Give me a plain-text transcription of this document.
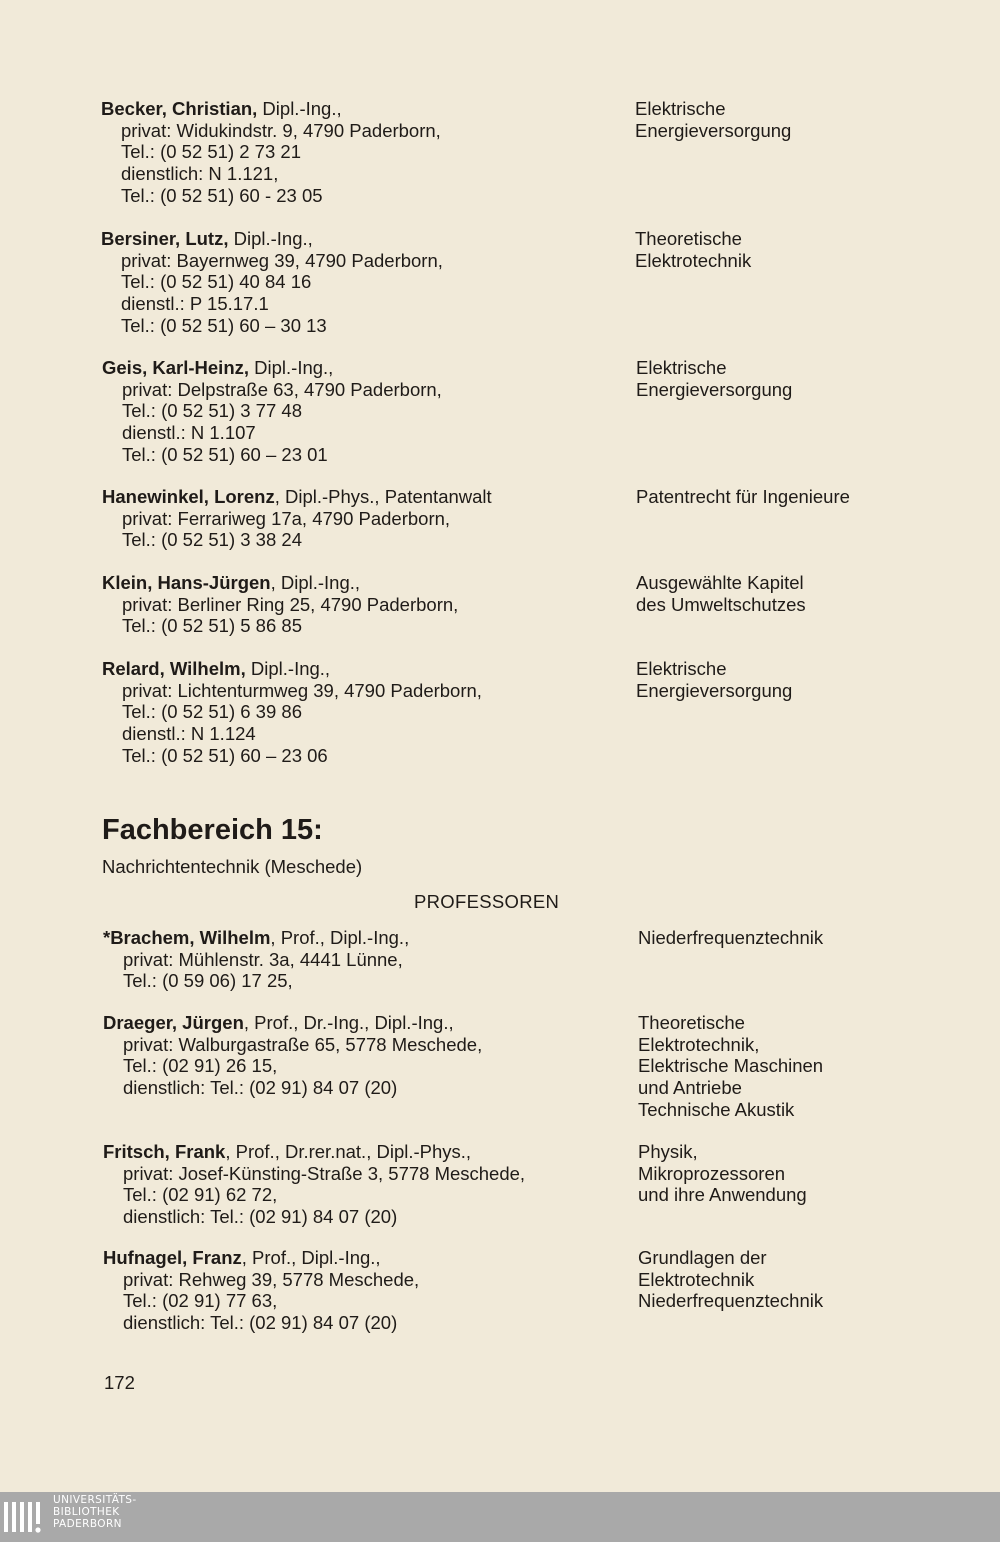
Becker, Christian, Dipl.-Ing.,
privat: Widukindstr. 9, 4790 Paderborn,
Tel.: (0 52 51) 2 73 21
dienstlich: N 1.121,
Tel.: (0 52 51) 60 - 23 05
Elektrische
Energieversorgung
Bersiner, Lutz, Dipl.-Ing.,
privat: Bayernweg 39, 4790 Paderborn,
Tel.: (0 52 51) 40 84 16
dienstl.: P 15.17.1
Tel.: (0 52 51) 60 – 30 13
Theoretische
Elektrotechnik
Geis, Karl-Heinz, Dipl.-Ing.,
privat: Delpstraße 63, 4790 Paderborn,
Tel.: (0 52 51) 3 77 48
dienstl.: N 1.107
Tel.: (0 52 51) 60 – 23 01
Elektrische
Energieversorgung
Hanewinkel, Lorenz, Dipl.-Phys., Patentanwalt
privat: Ferrariweg 17a, 4790 Paderborn,
Tel.: (0 52 51) 3 38 24
Patentrecht für Ingenieure
Klein, Hans-Jürgen, Dipl.-Ing.,
privat: Berliner Ring 25, 4790 Paderborn,
Tel.: (0 52 51) 5 86 85
Ausgewählte Kapitel
des Umweltschutzes
Relard, Wilhelm, Dipl.-Ing.,
privat: Lichtenturmweg 39, 4790 Paderborn,
Tel.: (0 52 51) 6 39 86
dienstl.: N 1.124
Tel.: (0 52 51) 60 – 23 06
Elektrische
Energieversorgung
*Brachem, Wilhelm, Prof., Dipl.-Ing.,
privat: Mühlenstr. 3a, 4441 Lünne,
Tel.: (0 59 06) 17 25,
Niederfrequenztechnik
Draeger, Jürgen, Prof., Dr.-Ing., Dipl.-Ing.,
privat: Walburgastraße 65, 5778 Meschede,
Tel.: (02 91) 26 15,
dienstlich: Tel.: (02 91) 84 07 (20)
Theoretische
Elektrotechnik,
Elektrische Maschinen
und Antriebe
Technische Akustik
Fritsch, Frank, Prof., Dr.rer.nat., Dipl.-Phys.,
privat: Josef-Künsting-Straße 3, 5778 Meschede,
Tel.: (02 91) 62 72,
dienstlich: Tel.: (02 91) 84 07 (20)
Physik,
Mikroprozessoren
und ihre Anwendung
Hufnagel, Franz, Prof., Dipl.-Ing.,
privat: Rehweg 39, 5778 Meschede,
Tel.: (02 91) 77 63,
dienstlich: Tel.: (02 91) 84 07 (20)
Grundlagen der
Elektrotechnik
Niederfrequenztechnik
Fachbereich 15:
Nachrichtentechnik (Meschede)
PROFESSOREN
172
UNIVERSITÄTS-
BIBLIOTHEK
PADERBORN
